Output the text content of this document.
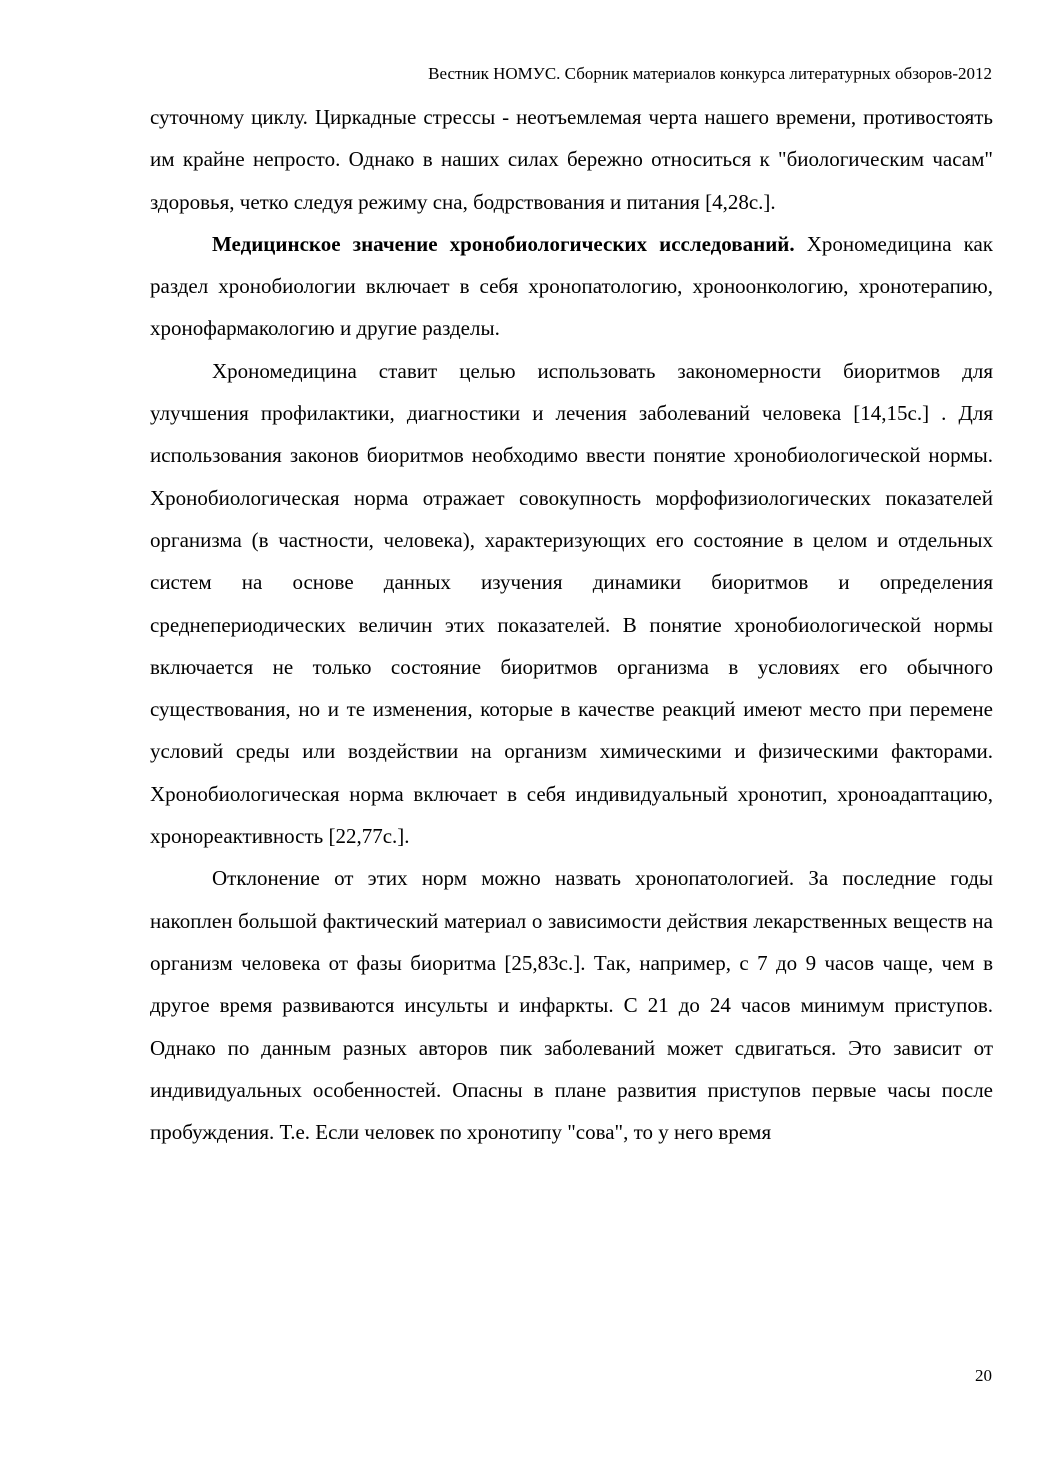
Вестник НОМУС. Сборник материалов конкурса литературных обзоров-2012

суточному циклу. Циркадные стрессы - неотъемлемая черта нашего времени, противостоять им крайне непросто. Однако в наших силах бережно относиться к "биологическим часам" здоровья, четко следуя режиму сна, бодрствования и питания [4,28с.].

Медицинское значение хронобиологических исследований. Хрономедицина как раздел хронобиологии включает в себя хронопатологию, хроноонкологию, хронотерапию, хронофармакологию и другие разделы.

Хрономедицина ставит целью использовать закономерности биоритмов для улучшения профилактики, диагностики и лечения заболеваний человека [14,15с.] . Для использования законов биоритмов необходимо ввести понятие хронобиологической нормы. Хронобиологическая норма отражает совокупность морфофизиологических показателей организма (в частности, человека), характеризующих его состояние в целом и отдельных систем на основе данных изучения динамики биоритмов и определения среднепериодических величин этих показателей. В понятие хронобиологической нормы включается не только состояние биоритмов организма в условиях его обычного существования, но и те изменения, которые в качестве реакций имеют место при перемене условий среды или воздействии на организм химическими и физическими факторами. Хронобиологическая норма включает в себя индивидуальный хронотип, хроноадаптацию, хронореактивность [22,77с.].

Отклонение от этих норм можно назвать хронопатологией. За последние годы накоплен большой фактический материал о зависимости действия лекарственных веществ на организм человека от фазы биоритма [25,83с.]. Так, например, с 7 до 9 часов чаще, чем в другое время развиваются инсульты и инфаркты. С 21 до 24 часов минимум приступов. Однако по данным разных авторов пик заболеваний может сдвигаться. Это зависит от индивидуальных особенностей. Опасны в плане развития приступов первые часы после пробуждения. Т.е. Если человек по хронотипу "сова", то у него время

20
